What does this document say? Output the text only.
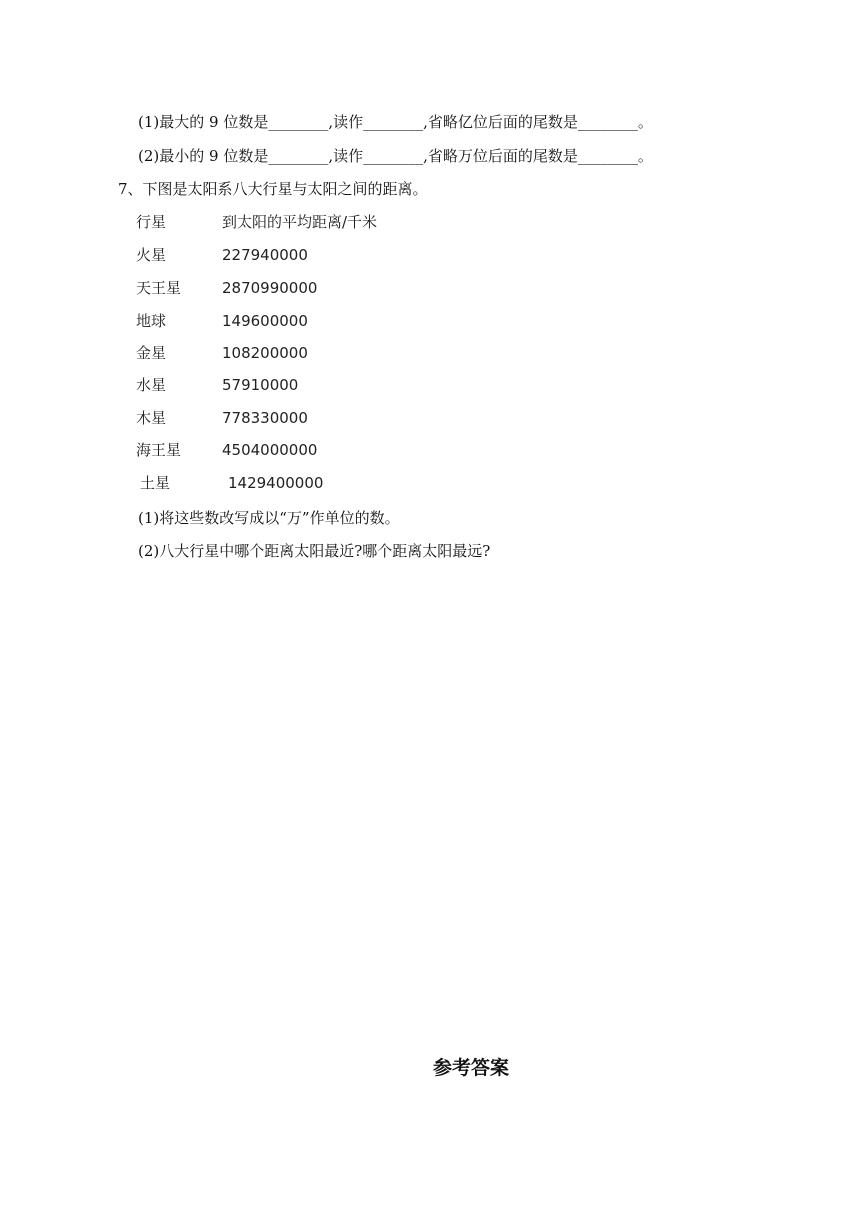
(1)最大的 9 位数是________,读作________,省略亿位后面的尾数是________。
(2)最小的 9 位数是________,读作________,省略万位后面的尾数是________。
7、下图是太阳系八大行星与太阳之间的距离。
行星	到太阳的平均距离/千米
火星	227940000
天王星	2870990000
地球	149600000
金星	108200000
水星	57910000
木星	778330000
海王星	4504000000
土星	1429400000
(1)将这些数改写成以“万”作单位的数。
(2)八大行星中哪个距离太阳最近?哪个距离太阳最远?
参考答案
